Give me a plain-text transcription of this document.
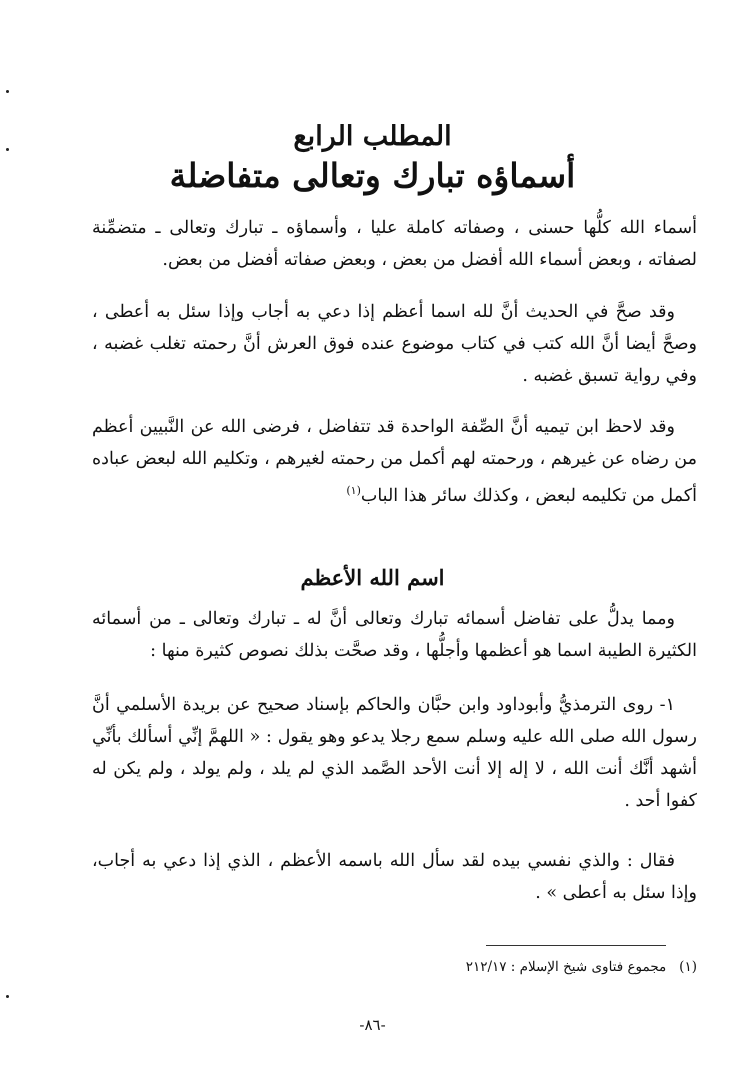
المطلب الرابع
أسماؤه تبارك وتعالى متفاضلة

أسماء الله كلُّها حسنى ، وصفاته كاملة عليا ، وأسماؤه ـ تبارك وتعالى ـ متضمِّنة لصفاته ، وبعض أسماء الله أفضل من بعض ، وبعض صفاته أفضل من بعض.

وقد صحَّ في الحديث أنَّ لله اسما أعظم إذا دعي به أجاب وإذا سئل به أعطى ، وصحَّ أيضا أنَّ الله كتب في كتاب موضوع عنده فوق العرش أنَّ رحمته تغلب غضبه ، وفي رواية تسبق غضبه .

وقد لاحظ ابن تيميه أنَّ الصِّفة الواحدة قد تتفاضل ، فرضى الله عن النَّبيين أعظم من رضاه عن غيرهم ، ورحمته لهم أكمل من رحمته لغيرهم ، وتكليم الله لبعض عباده أكمل من تكليمه لبعض ، وكذلك سائر هذا الباب$^{(١)}$

اسم الله الأعظم

ومما يدلُّ على تفاضل أسمائه تبارك وتعالى أنَّ له ـ تبارك وتعالى ـ من أسمائه الكثيرة الطيبة اسما هو أعظمها وأجلُّها ، وقد صحَّت بذلك نصوص كثيرة منها :

١- روى الترمذيُّ وأبوداود وابن حبَّان والحاكم بإسناد صحيح عن بريدة الأسلمي أنَّ رسول الله صلى الله عليه وسلم سمع رجلا يدعو وهو يقول : « اللهمَّ إنِّي أسألك بأنِّي أشهد أنَّك أنت الله ، لا إله إلا أنت الأحد الصَّمد الذي لم يلد ، ولم يولد ، ولم يكن له كفوا أحد .

فقال : والذي نفسي بيده لقد سأل الله باسمه الأعظم ، الذي إذا دعي به أجاب، وإذا سئل به أعطى » .

(١)   مجموع فتاوى شيخ الإسلام : ٢١٢/١٧
-٨٦-
